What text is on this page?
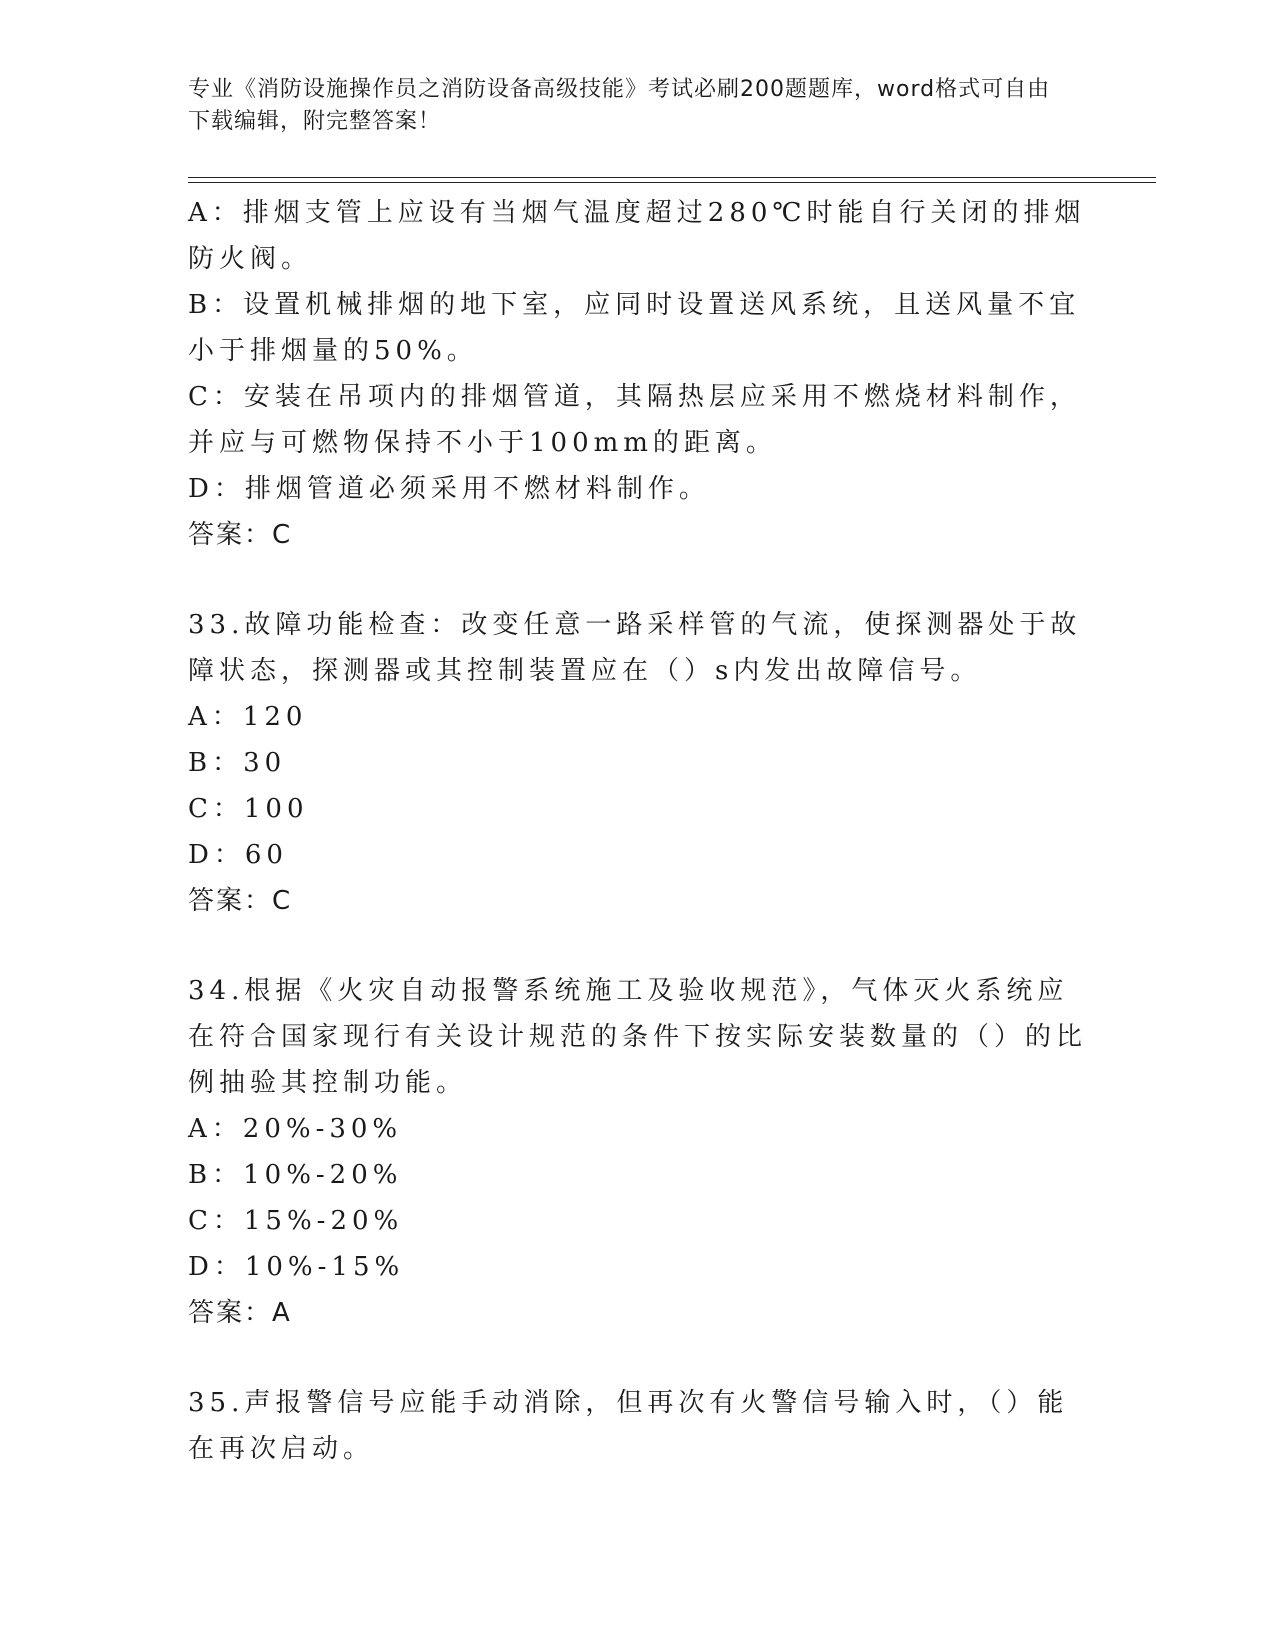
专业《消防设施操作员之消防设备高级技能》考试必刷200题题库，word格式可自由下载编辑，附完整答案！
A：排烟支管上应设有当烟气温度超过280℃时能自行关闭的排烟防火阀。
B：设置机械排烟的地下室，应同时设置送风系统，且送风量不宜小于排烟量的50%。
C：安装在吊项内的排烟管道，其隔热层应采用不燃烧材料制作，并应与可燃物保持不小于100mm的距离。
D：排烟管道必须采用不燃材料制作。
答案：C
33.故障功能检查：改变任意一路采样管的气流，使探测器处于故障状态，探测器或其控制装置应在（）s内发出故障信号。
A：120
B：30
C：100
D：60
答案：C
34.根据《火灾自动报警系统施工及验收规范》，气体灭火系统应在符合国家现行有关设计规范的条件下按实际安装数量的（）的比例抽验其控制功能。
A：20%-30%
B：10%-20%
C：15%-20%
D：10%-15%
答案：A
35.声报警信号应能手动消除，但再次有火警信号输入时，（）能在再次启动。
